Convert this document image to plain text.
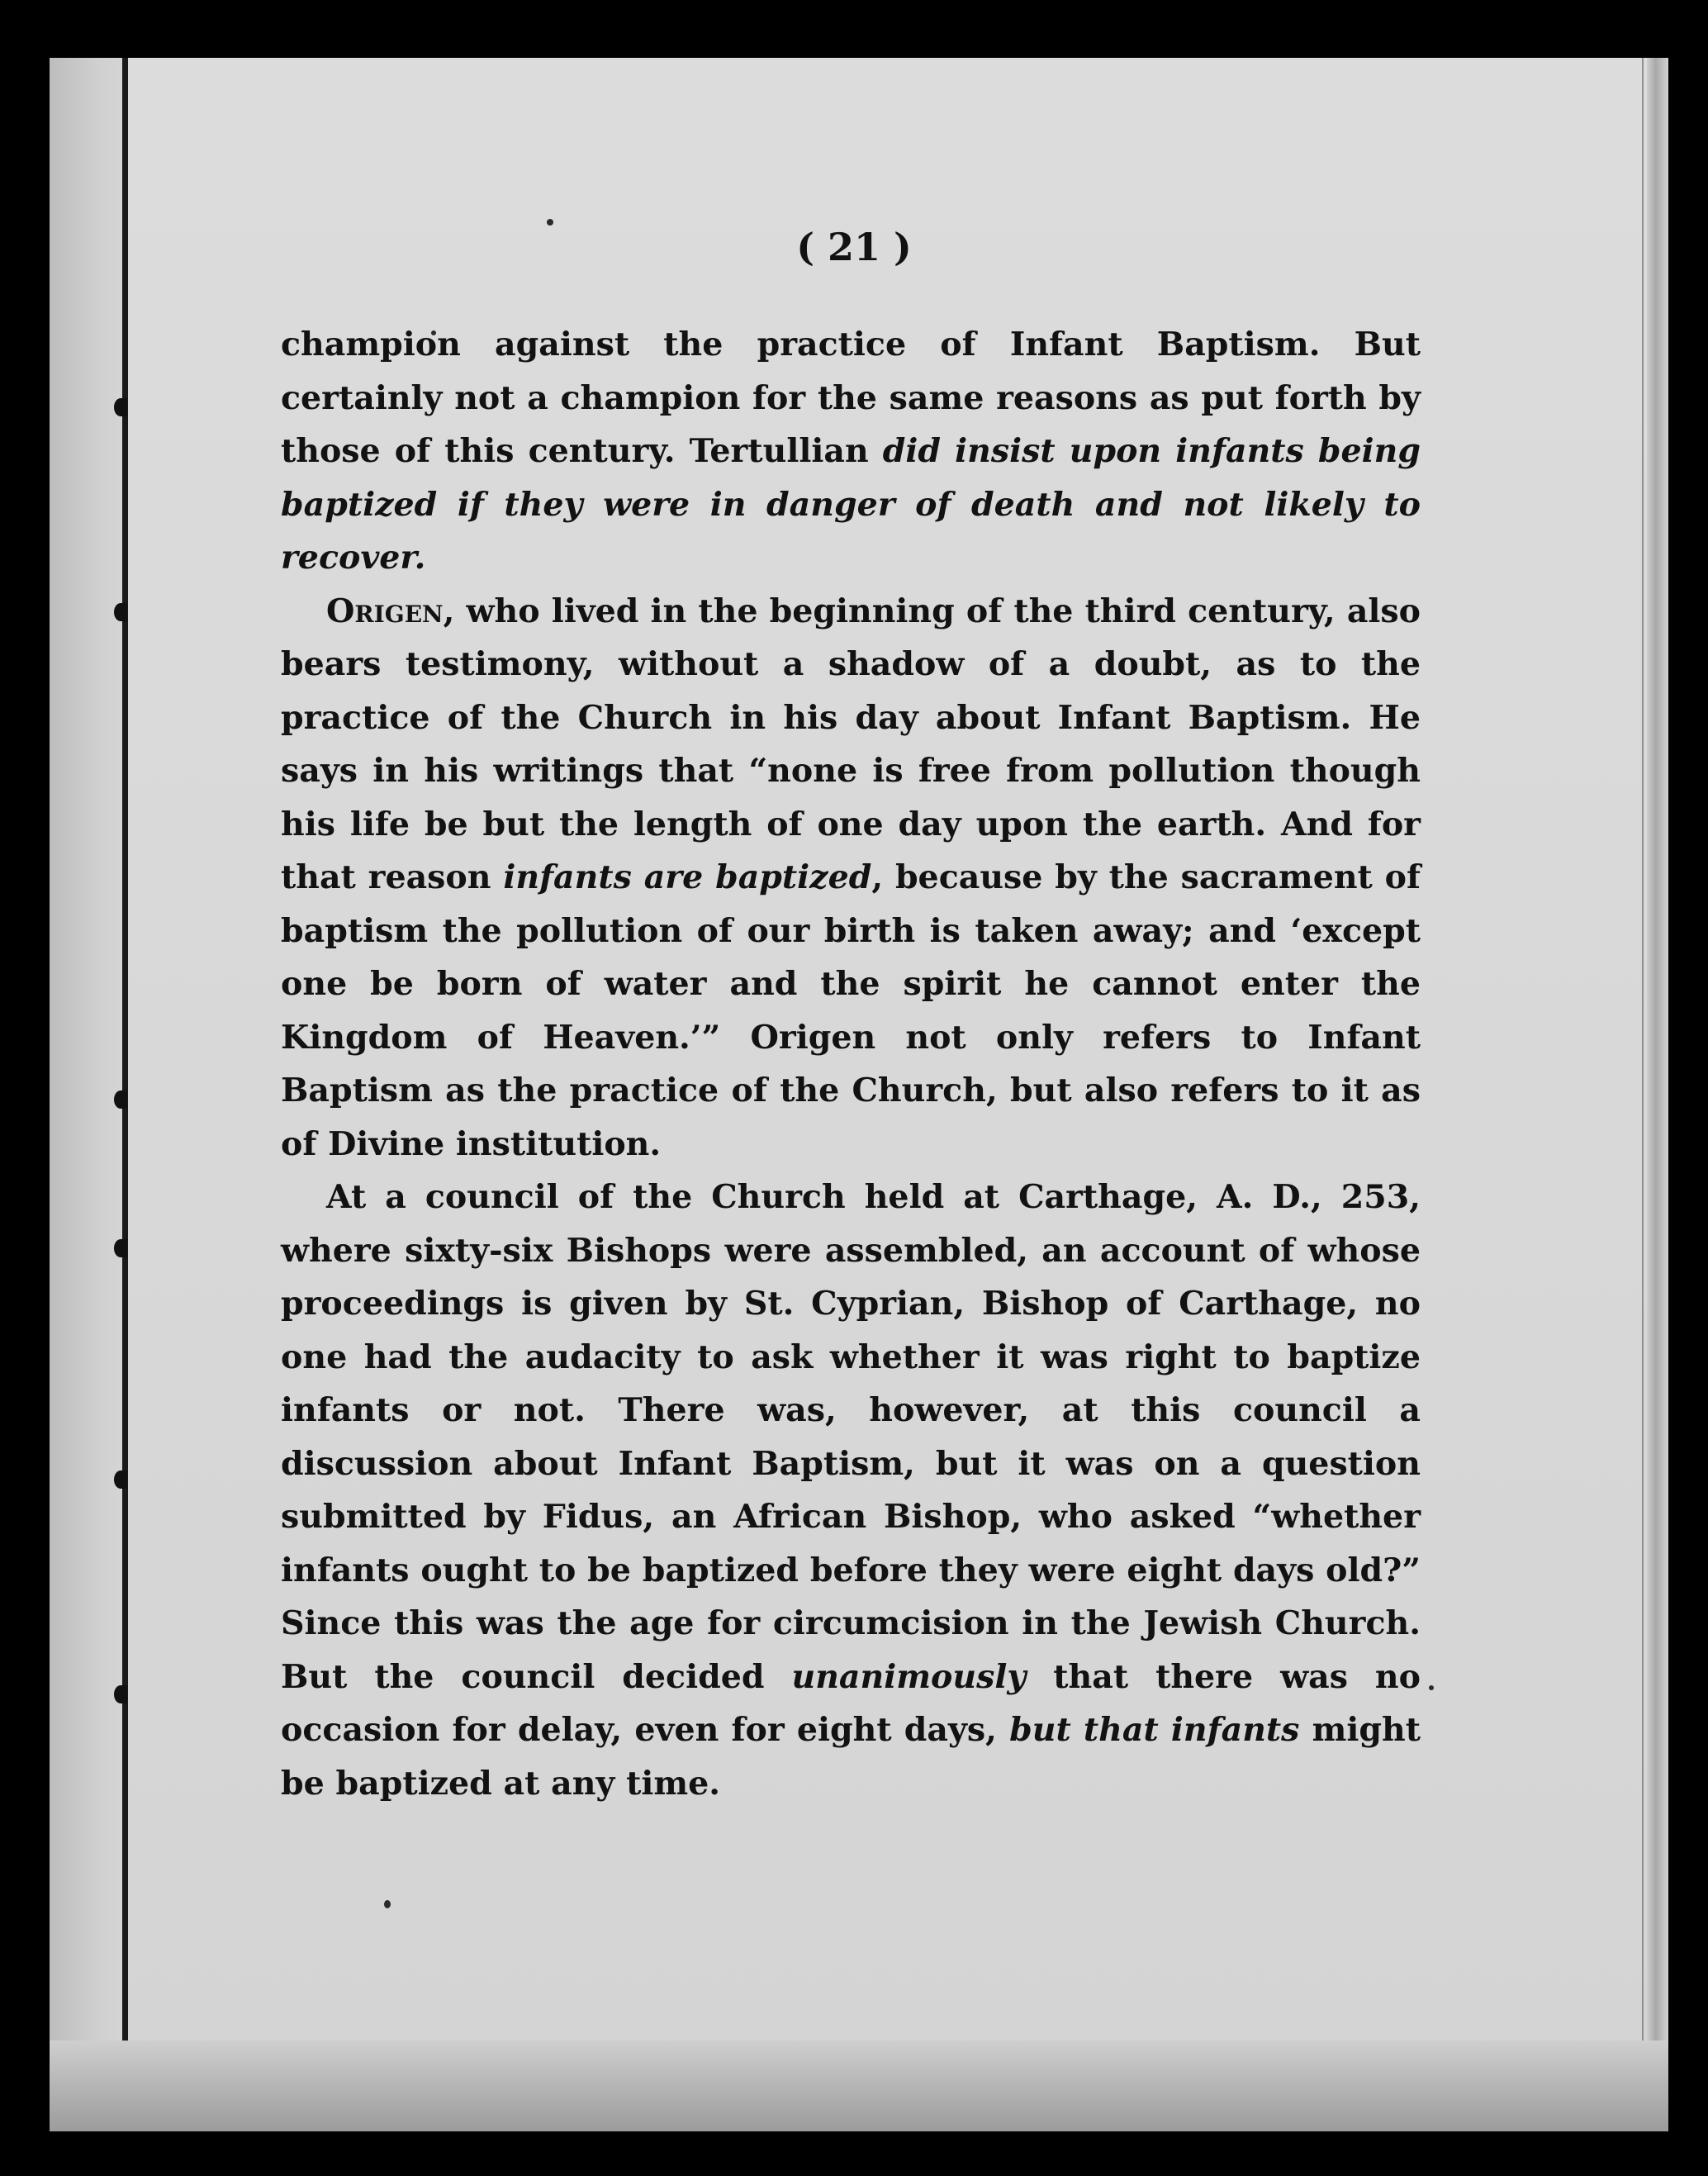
( 21 )

champion against the practice of Infant Baptism. But certainly not a champion for the same reasons as put forth by those of this century. Tertullian did insist upon infants being baptized if they were in danger of death and not likely to recover.

Origen, who lived in the beginning of the third century, also bears testimony, without a shadow of a doubt, as to the practice of the Church in his day about Infant Baptism. He says in his writings that “none is free from pollution though his life be but the length of one day upon the earth. And for that reason infants are baptized, because by the sacrament of baptism the pollution of our birth is taken away; and ‘except one be born of water and the spirit he cannot enter the Kingdom of Heaven.’” Origen not only refers to Infant Baptism as the practice of the Church, but also refers to it as of Divine institution.

At a council of the Church held at Carthage, A. D., 253, where sixty-six Bishops were assembled, an account of whose proceedings is given by St. Cyprian, Bishop of Carthage, no one had the audacity to ask whether it was right to baptize infants or not. There was, however, at this council a discussion about Infant Baptism, but it was on a question submitted by Fidus, an African Bishop, who asked “whether infants ought to be baptized before they were eight days old?” Since this was the age for circumcision in the Jewish Church. But the council decided unanimously that there was no occasion for delay, even for eight days, but that infants might be baptized at any time.
